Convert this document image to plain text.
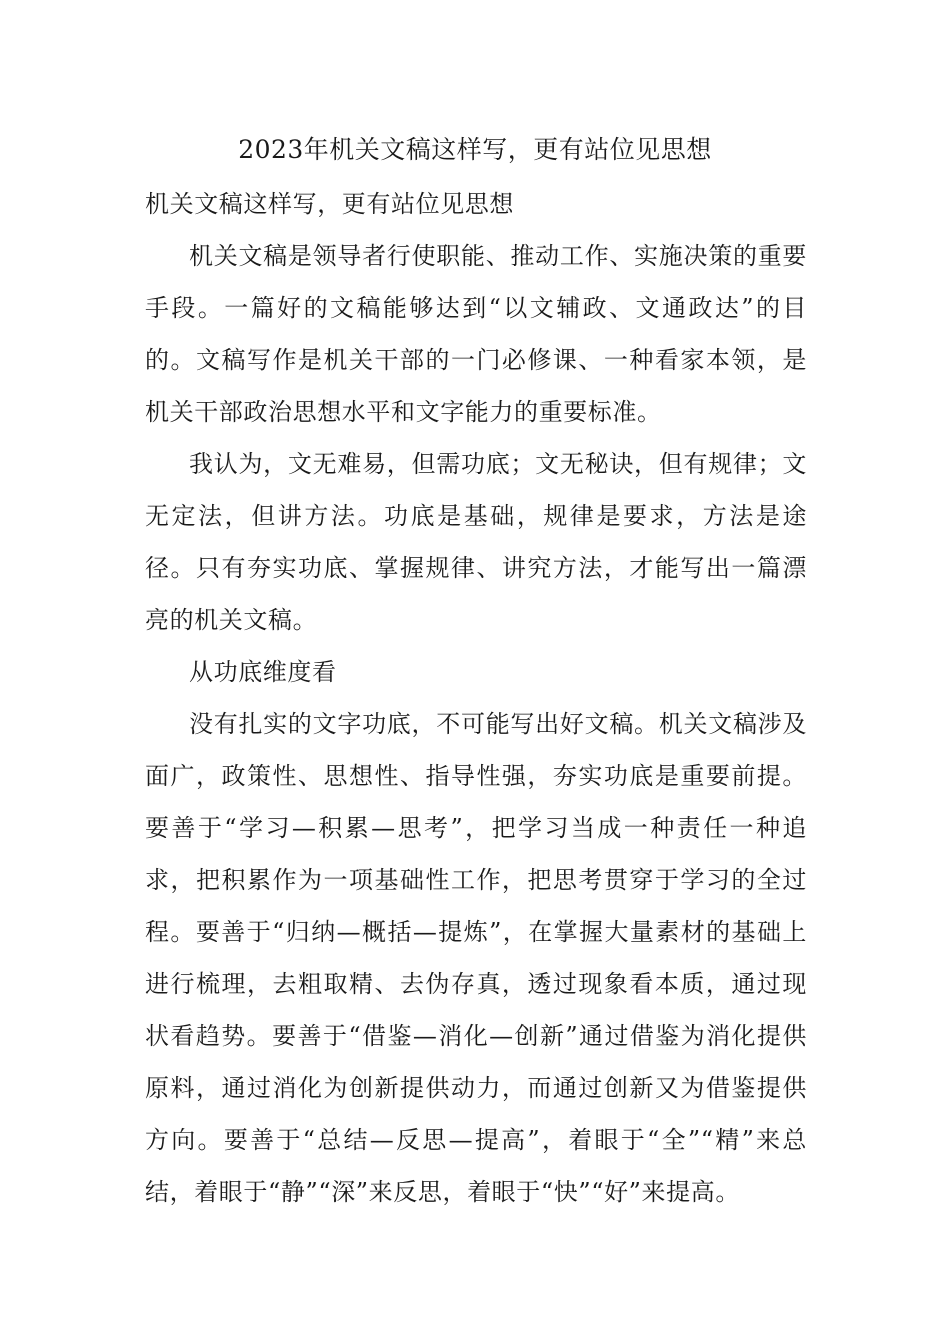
2023年机关文稿这样写，更有站位见思想

机关文稿这样写，更有站位见思想

机关文稿是领导者行使职能、推动工作、实施决策的重要手段。一篇好的文稿能够达到“以文辅政、文通政达”的目的。文稿写作是机关干部的一门必修课、一种看家本领，是机关干部政治思想水平和文字能力的重要标准。

我认为，文无难易，但需功底；文无秘诀，但有规律；文无定法，但讲方法。功底是基础，规律是要求，方法是途径。只有夯实功底、掌握规律、讲究方法，才能写出一篇漂亮的机关文稿。

从功底维度看

没有扎实的文字功底，不可能写出好文稿。机关文稿涉及面广，政策性、思想性、指导性强，夯实功底是重要前提。要善于“学习—积累—思考”，把学习当成一种责任一种追求，把积累作为一项基础性工作，把思考贯穿于学习的全过程。要善于“归纳—概括—提炼”，在掌握大量素材的基础上进行梳理，去粗取精、去伪存真，透过现象看本质，通过现状看趋势。要善于“借鉴—消化—创新”通过借鉴为消化提供原料，通过消化为创新提供动力，而通过创新又为借鉴提供方向。要善于“总结—反思—提高”，着眼于“全”“精”来总结，着眼于“静”“深”来反思，着眼于“快”“好”来提高。
